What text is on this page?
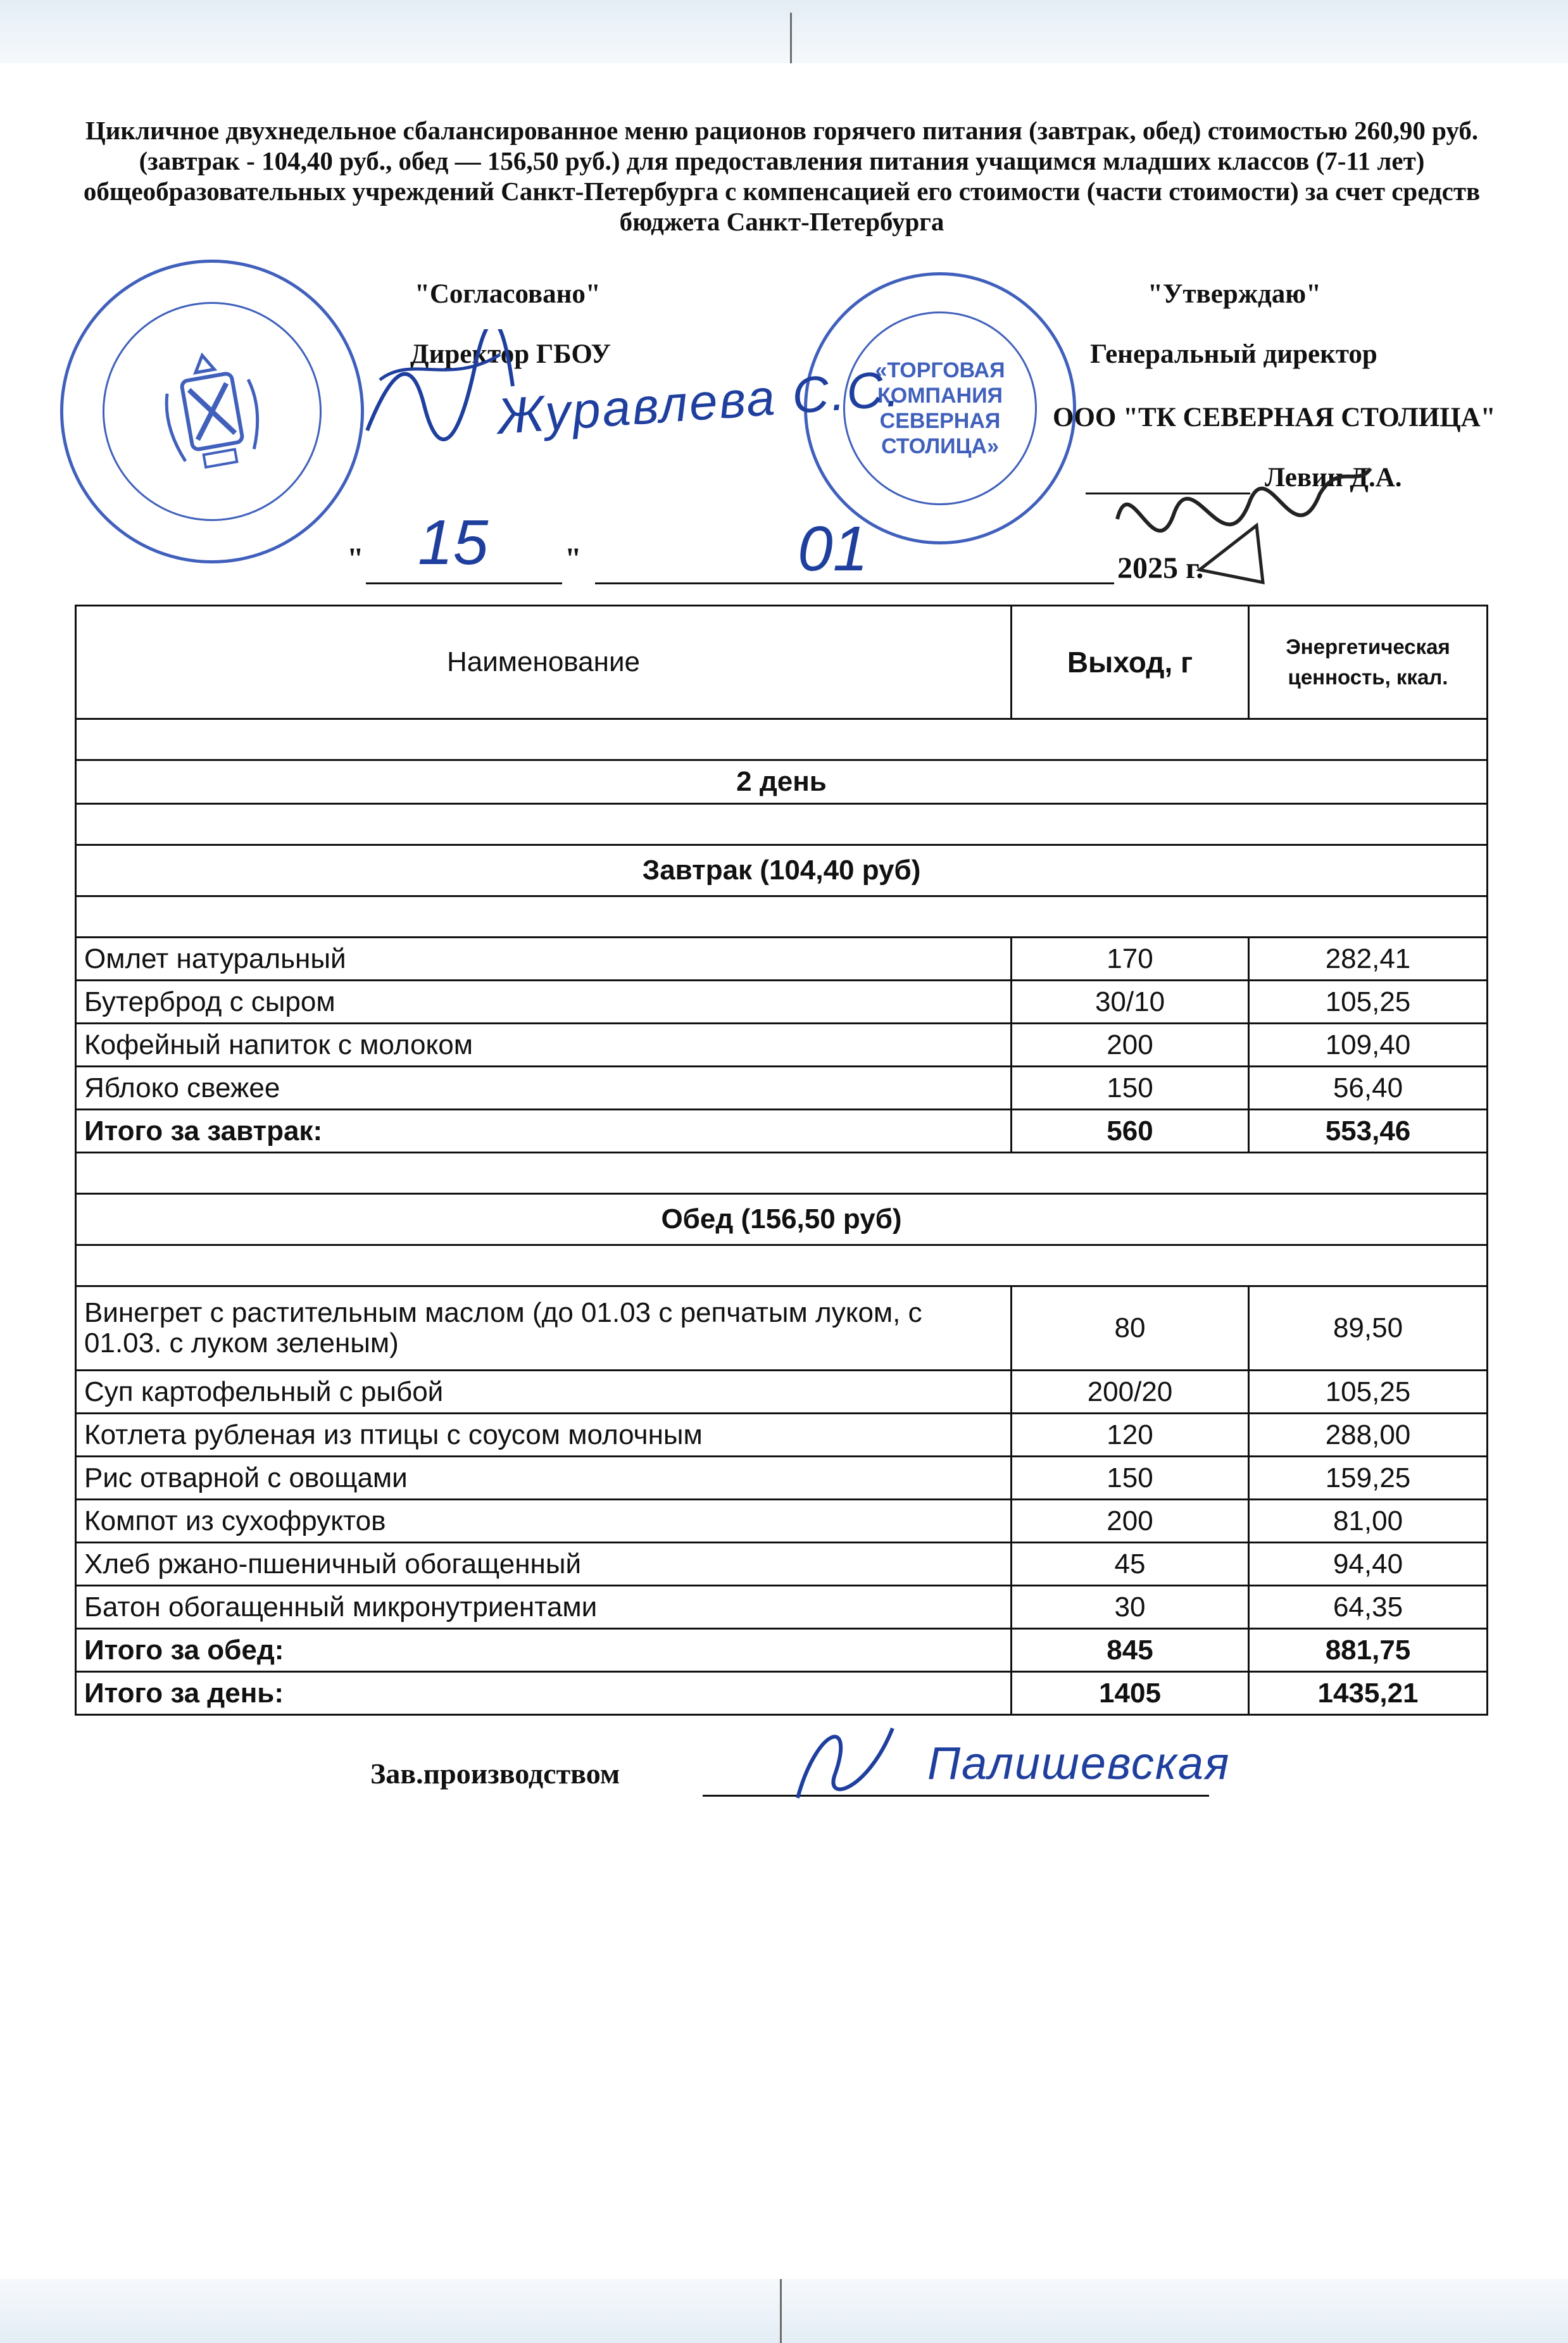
Цикличное двухнедельное сбалансированное меню рационов горячего питания (завтрак, обед) стоимостью 260,90 руб. (завтрак - 104,40 руб., обед — 156,50 руб.) для предоставления питания учащимся младших классов (7-11 лет) общеобразовательных учреждений Санкт-Петербурга с компенсацией его стоимости (части стоимости) за счет средств бюджета Санкт-Петербурга
«ТОРГОВАЯ
КОМПАНИЯ
СЕВЕРНАЯ
СТОЛИЦА»
"Согласовано"
Директор ГБОУ
"Утверждаю"
Генеральный директор
ООО "ТК СЕВЕРНАЯ СТОЛИЦА"
Левин Д.А.
Журавлева С.С.
" 15	"	01	2025 г.
Наименование	Выход, г	Энергетическая ценность, ккал.

2 день		

Завтрак (104,40 руб)		

Омлет натуральный	170	282,41
Бутерброд с сыром	30/10	105,25
Кофейный напиток с молоком	200	109,40
Яблоко свежее	150	56,40
Итого за завтрак:	560	553,46

Обед (156,50 руб)		

Винегрет с растительным маслом (до 01.03 с репчатым луком, с 01.03. с луком зеленым)	80	89,50
Суп картофельный с рыбой	200/20	105,25
Котлета рубленая из птицы с соусом молочным	120	288,00
Рис отварной с овощами	150	159,25
Компот из сухофруктов	200	81,00
Хлеб ржано-пшеничный обогащенный	45	94,40
Батон обогащенный микронутриентами	30	64,35
Итого за обед:	845	881,75
Итого за день:	1405	1435,21
Зав.производством	Палишевская
